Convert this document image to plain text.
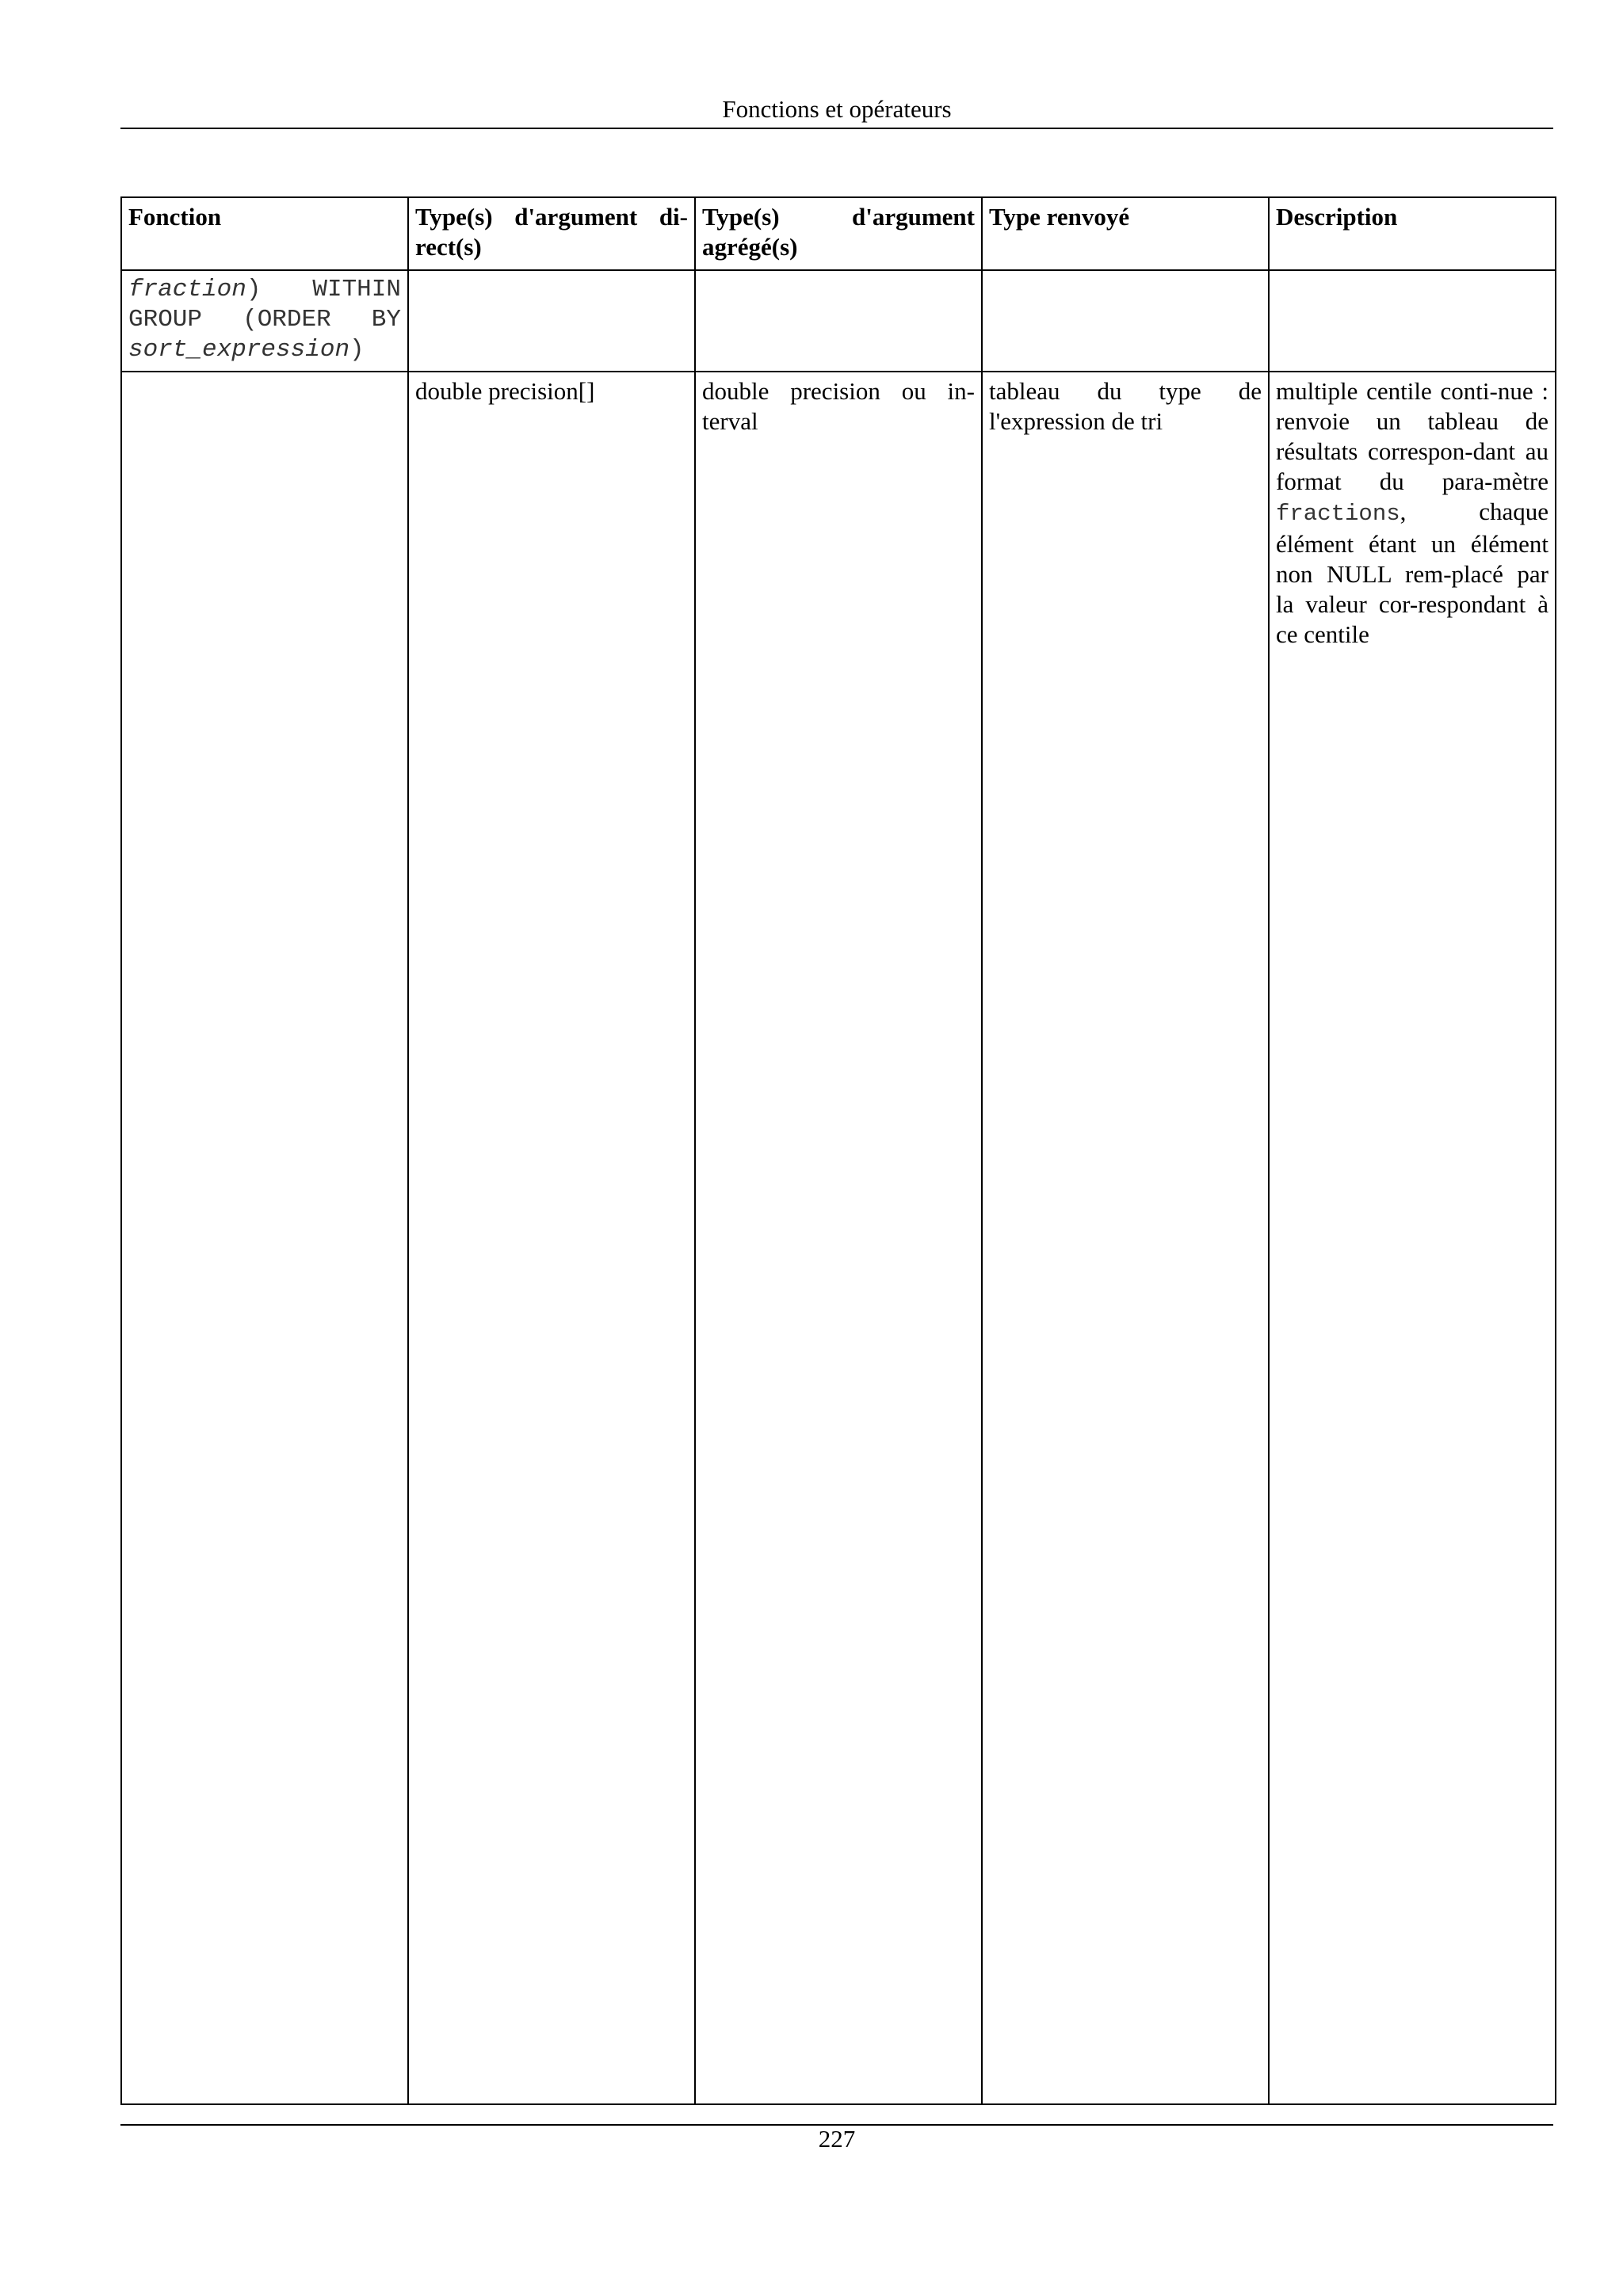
Fonctions et opérateurs
Fonction	Type(s) d'argument di-rect(s)	Type(s) d'argument agrégé(s)	Type renvoyé	Description
fraction) WITHIN GROUP (ORDER BY sort_expression)				
	double precision[]	double precision ou in-terval	tableau du type de l'expression de tri	multiple centile conti-nue : renvoie un tableau de résultats correspon-dant au format du para-mètre fractions, chaque élément étant un élément non NULL rem-placé par la valeur cor-respondant à ce centile
227
